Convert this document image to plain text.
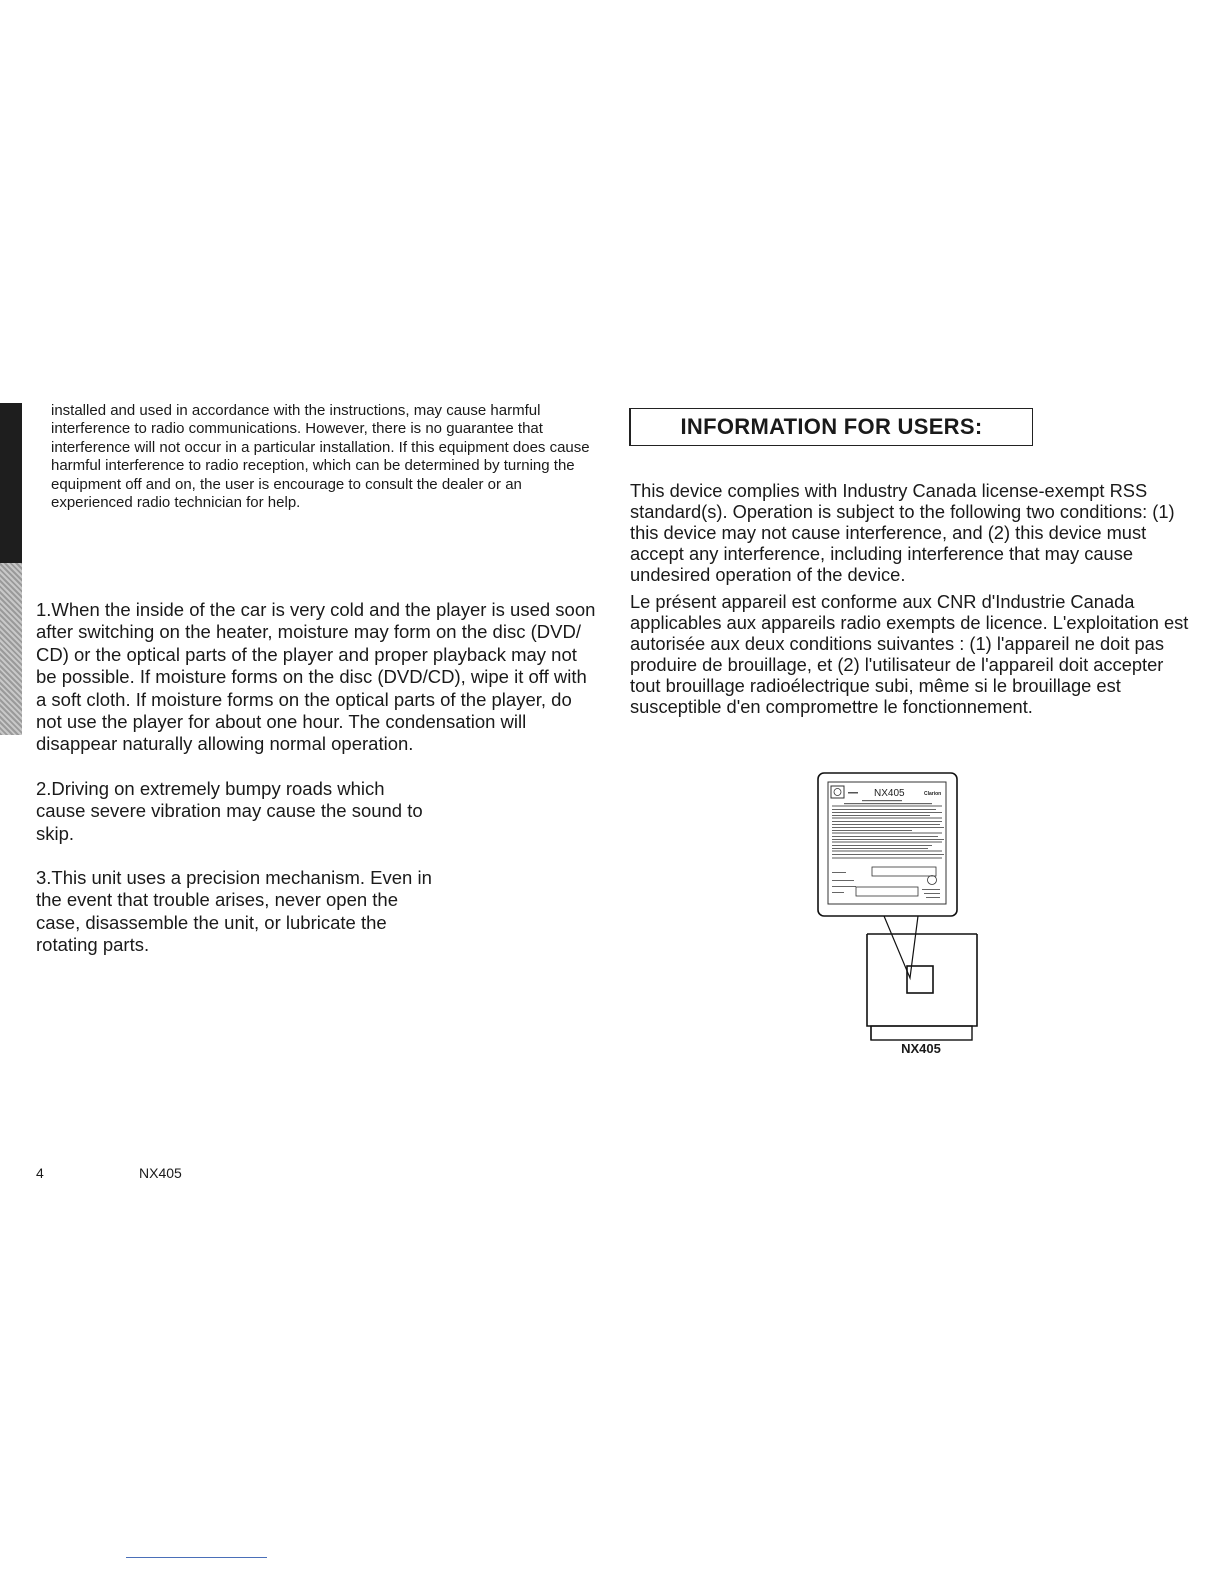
installed and used in accordance with the instructions, may cause harmful interference to radio communications. However, there is no guarantee that interference will not occur in a particular installation. If this equipment does cause harmful interference to radio reception, which can be determined by turning the equipment off and on, the user is encourage to consult the dealer or an experienced radio technician for help.

1.When the inside of the car is very cold and the player is used soon after switching on the heater, moisture may form on the disc (DVD/ CD) or the optical parts of the player and proper playback may not be possible. If moisture forms on the disc (DVD/CD), wipe it off with a soft cloth. If moisture forms on the optical parts of the player, do not use the player for about one hour. The condensation will disappear naturally allowing normal operation.

2.Driving on extremely bumpy roads which cause severe vibration may cause the sound to skip.

3.This unit uses a precision mechanism. Even in the event that trouble arises, never open the case, disassemble the unit, or lubricate the rotating parts.

INFORMATION FOR USERS:

This device complies with Industry Canada license-exempt RSS standard(s). Operation is subject to the following two conditions: (1) this device may not cause interference, and (2) this device must accept any interference, including interference that may cause undesired operation of the device.

Le présent appareil est conforme aux CNR d'Industrie Canada applicables aux appareils radio exempts de licence. L'exploitation est autorisée aux deux conditions suivantes : (1) l'appareil ne doit pas produire de brouillage, et (2) l'utilisateur de l'appareil doit accepter tout brouillage radioélectrique subi, même si le brouillage est susceptible d'en compromettre le fonctionnement.

NX405	Clarion

NX405

4	NX405
